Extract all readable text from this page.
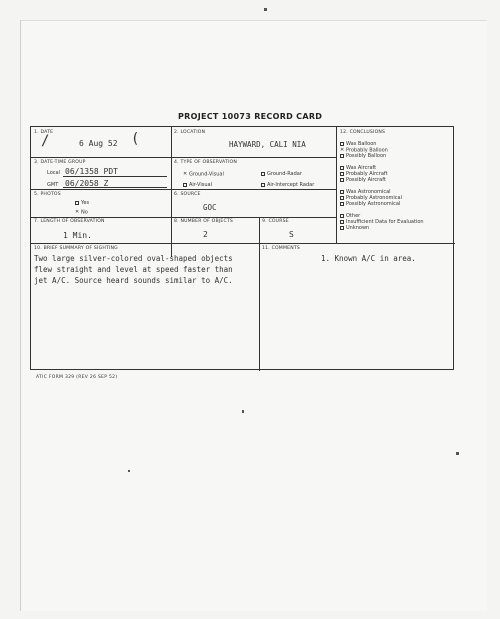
PROJECT 10073 RECORD CARD
1. DATE
/	6 Aug 52 (	2. LOCATION
HAYWARD, CALI NIA
3. DATE-TIME GROUP
Local 06/1358 PDT
GMT 06/2058 Z
4. TYPE OF OBSERVATION
✕ Ground-Visual	Ground-Radar
Air-Visual	Air-Intercept Radar
5. PHOTOS
Yes
✕ No
6. SOURCE
GOC
7. LENGTH OF OBSERVATION
1 Min.
8. NUMBER OF OBJECTS
2
9. COURSE
S
10. BRIEF SUMMARY OF SIGHTING
Two large silver-colored oval-shaped objects
flew straight and level at speed faster than
jet A/C. Source heard sounds similar to A/C.
11. COMMENTS
1. Known A/C in area.
12. CONCLUSIONS
Was Balloon
✕ Probably Balloon
Possibly Balloon
Was Aircraft
Probably Aircraft
Possibly Aircraft
Was Astronomical
Probably Astronomical
Possibly Astronomical
Other
Insufficient Data for Evaluation
Unknown
ATIC FORM 329 (REV 26 SEP 52)
